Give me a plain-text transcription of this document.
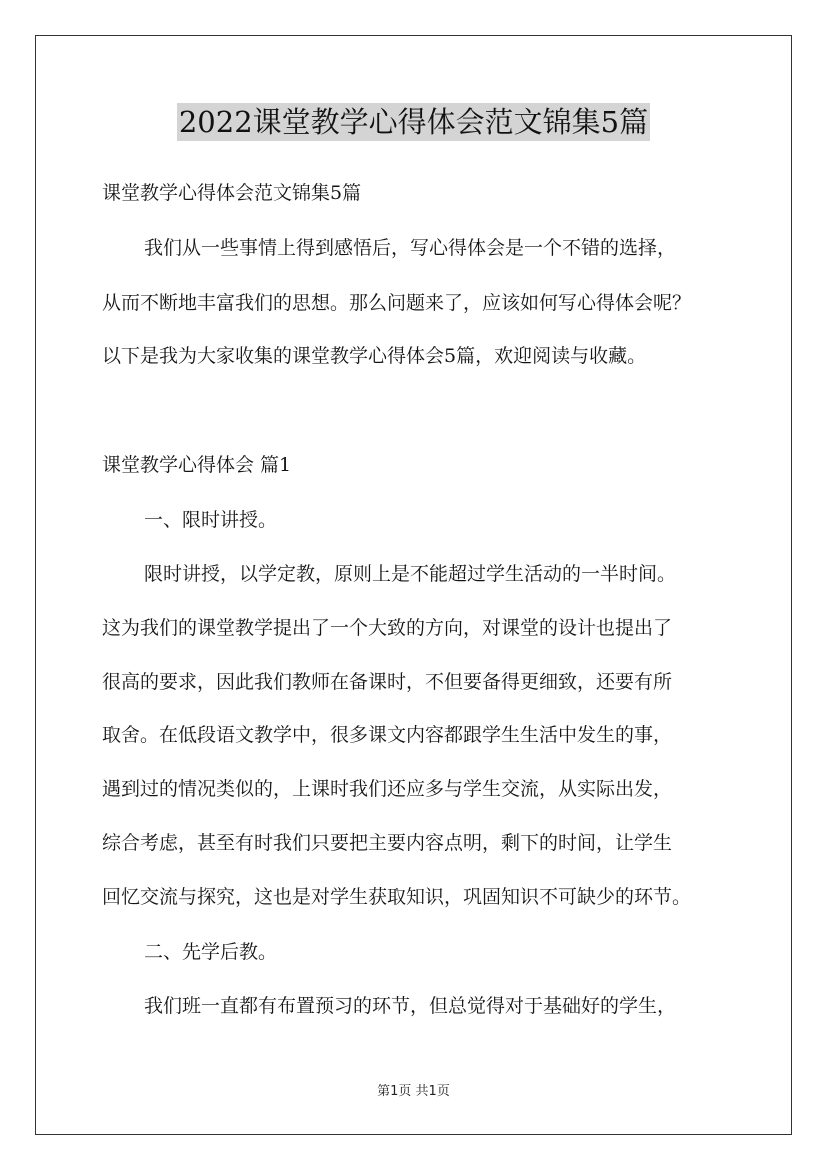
2022课堂教学心得体会范文锦集5篇
课堂教学心得体会范文锦集5篇
我们从一些事情上得到感悟后，写心得体会是一个不错的选择，
从而不断地丰富我们的思想。那么问题来了，应该如何写心得体会呢？
以下是我为大家收集的课堂教学心得体会5篇，欢迎阅读与收藏。
课堂教学心得体会 篇1
一、限时讲授。
限时讲授，以学定教，原则上是不能超过学生活动的一半时间。
这为我们的课堂教学提出了一个大致的方向，对课堂的设计也提出了
很高的要求，因此我们教师在备课时，不但要备得更细致，还要有所
取舍。在低段语文教学中，很多课文内容都跟学生生活中发生的事，
遇到过的情况类似的，上课时我们还应多与学生交流，从实际出发，
综合考虑，甚至有时我们只要把主要内容点明，剩下的时间，让学生
回忆交流与探究，这也是对学生获取知识，巩固知识不可缺少的环节。
二、先学后教。
我们班一直都有布置预习的环节，但总觉得对于基础好的学生，
第1页 共1页
